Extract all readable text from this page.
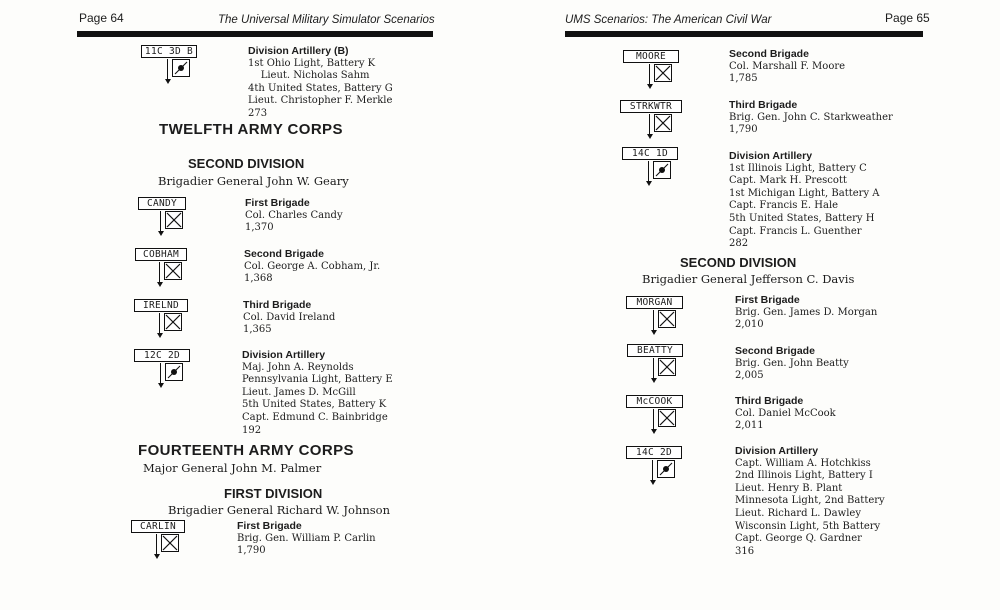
Page 64	The Universal Military Simulator Scenarios
TWELFTH ARMY CORPS
SECOND DIVISION
Brigadier General John W. Geary
FOURTEENTH ARMY CORPS
Major General John M. Palmer
FIRST DIVISION
Brigadier General Richard W. Johnson
11C 3D B	Division Artillery (B)
1st Ohio Light, Battery K
Lieut. Nicholas Sahm
4th United States, Battery G
Lieut. Christopher F. Merkle
273
CANDY	First Brigade
Col. Charles Candy
1,370
COBHAM	Second Brigade
Col. George A. Cobham, Jr.
1,368
IRELND	Third Brigade
Col. David Ireland
1,365
12C 2D	Division Artillery
Maj. John A. Reynolds
Pennsylvania Light, Battery E
Lieut. James D. McGill
5th United States, Battery K
Capt. Edmund C. Bainbridge
192
CARLIN	First Brigade
Brig. Gen. William P. Carlin
1,790
UMS Scenarios: The American Civil War	Page 65
SECOND DIVISION
Brigadier General Jefferson C. Davis
MOORE	Second Brigade
Col. Marshall F. Moore
1,785
STRKWTR	Third Brigade
Brig. Gen. John C. Starkweather
1,790
14C 1D	Division Artillery
1st Illinois Light, Battery C
Capt. Mark H. Prescott
1st Michigan Light, Battery A
Capt. Francis E. Hale
5th United States, Battery H
Capt. Francis L. Guenther
282
MORGAN	First Brigade
Brig. Gen. James D. Morgan
2,010
BEATTY	Second Brigade
Brig. Gen. John Beatty
2,005
McCOOK	Third Brigade
Col. Daniel McCook
2,011
14C 2D	Division Artillery
Capt. William A. Hotchkiss
2nd Illinois Light, Battery I
Lieut. Henry B. Plant
Minnesota Light, 2nd Battery
Lieut. Richard L. Dawley
Wisconsin Light, 5th Battery
Capt. George Q. Gardner
316
